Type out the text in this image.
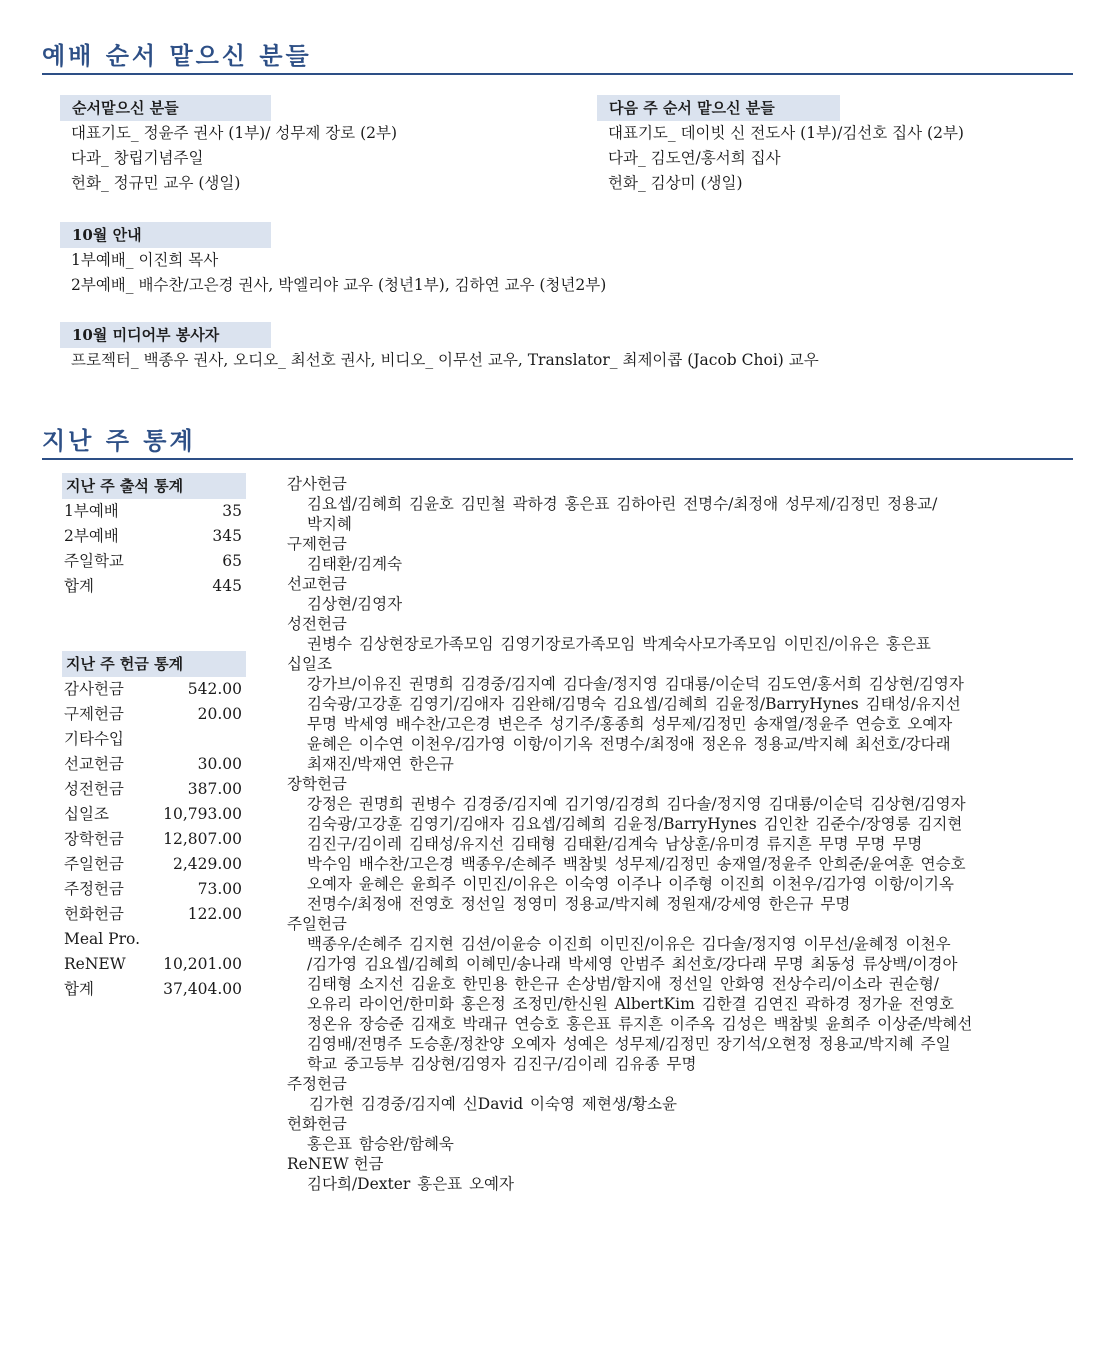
예배 순서 맡으신 분들
순서맡으신 분들
대표기도_ 정윤주 권사 (1부)/ 성무제 장로 (2부)
다과_ 창립기념주일
헌화_ 정규민 교우 (생일)
다음 주 순서 맡으신 분들
대표기도_ 데이빗 신 전도사 (1부)/김선호 집사 (2부)
다과_ 김도연/홍서희 집사
헌화_ 김상미 (생일)
10월 안내
1부예배_ 이진희 목사
2부예배_ 배수찬/고은경 권사, 박엘리야 교우 (청년1부), 김하연 교우 (청년2부)
10월 미디어부 봉사자
프로젝터_ 백종우 권사, 오디오_ 최선호 권사, 비디오_ 이무선 교우, Translator_ 최제이콥 (Jacob Choi) 교우
지난 주 통계
지난 주 출석 통계
1부예배	35
2부예배	345
주일학교	65
합계	445
지난 주 헌금 통계
감사헌금	542.00
구제헌금	20.00
기타수입
선교헌금	30.00
성전헌금	387.00
십일조	10,793.00
장학헌금	12,807.00
주일헌금	2,429.00
주정헌금	73.00
헌화헌금	122.00
Meal Pro.
ReNEW 10,201.00
합계	37,404.00
감사헌금
김요셉/김혜희 김윤호 김민철 곽하경 홍은표 김하아린 전명수/최정애 성무제/김정민 정용교/
박지혜
구제헌금
김태환/김계숙
선교헌금
김상현/김영자
성전헌금
권병수 김상현장로가족모임 김영기장로가족모임 박계숙사모가족모임 이민진/이유은 홍은표
십일조
강가브/이유진 권명희 김경중/김지예 김다솔/정지영 김대룡/이순덕 김도연/홍서희 김상현/김영자
김숙광/고강훈 김영기/김애자 김완해/김명숙 김요셉/김혜희 김윤정/BarryHynes 김태성/유지선
무명 박세영 배수찬/고은경 변은주 성기주/홍종희 성무제/김정민 송재열/정윤주 연승호 오예자
윤혜은 이수연 이천우/김가영 이항/이기옥 전명수/최정애 정온유 정용교/박지혜 최선호/강다래
최재진/박재연 한은규
장학헌금
강정은 권명희 권병수 김경중/김지예 김기영/김경희 김다솔/정지영 김대룡/이순덕 김상현/김영자
김숙광/고강훈 김영기/김애자 김요셉/김혜희 김윤정/BarryHynes 김인찬 김준수/장영롱 김지현
김진구/김이레 김태성/유지선 김태형 김태환/김계숙 남상훈/유미경 류지흔 무명 무명 무명
박수임 배수찬/고은경 백종우/손혜주 백참빛 성무제/김정민 송재열/정윤주 안희준/윤여훈 연승호
오예자 윤혜은 윤희주 이민진/이유은 이숙영 이주나 이주형 이진희 이천우/김가영 이항/이기옥
전명수/최정애 전영호 정선일 정영미 정용교/박지혜 정원재/강세영 한은규 무명
주일헌금
백종우/손혜주 김지현 김션/이윤승 이진희 이민진/이유은 김다솔/정지영 이무선/윤혜정 이천우
/김가영 김요셉/김혜희 이혜민/송나래 박세영 안범주 최선호/강다래 무명 최동성 류상백/이경아
김태형 소지선 김윤호 한민용 한은규 손상범/함지애 정선일 안화영 전상수리/이소라 권순형/
오유리 라이언/한미화 홍은정 조정민/한신원 AlbertKim 김한결 김연진 곽하경 정가윤 전영호
정온유 장승준 김재호 박래규 연승호 홍은표 류지흔 이주옥 김성은 백참빛 윤희주 이상준/박혜선
김영배/전명주 도승훈/정찬양 오예자 성예은 성무제/김정민 장기석/오현정 정용교/박지혜 주일
학교 중고등부 김상현/김영자 김진구/김이레 김유종 무명
주정헌금
김가현 김경중/김지예 신David 이숙영 제현생/황소윤
헌화헌금
홍은표 함승완/함혜욱
ReNEW 헌금
김다희/Dexter 홍은표 오예자
